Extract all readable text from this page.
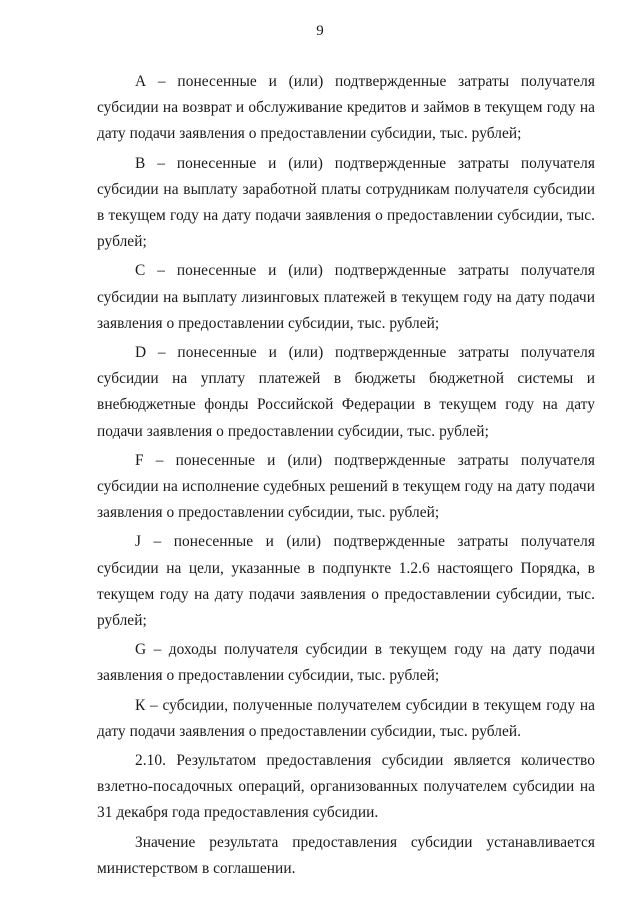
9

А – понесенные и (или) подтвержденные затраты получателя субсидии на возврат и обслуживание кредитов и займов в текущем году на дату подачи заявления о предоставлении субсидии, тыс. рублей;

В – понесенные и (или) подтвержденные затраты получателя субсидии на выплату заработной платы сотрудникам получателя субсидии в текущем году на дату подачи заявления о предоставлении субсидии, тыс. рублей;

С – понесенные и (или) подтвержденные затраты получателя субсидии на выплату лизинговых платежей в текущем году на дату подачи заявления о предоставлении субсидии, тыс. рублей;

D – понесенные и (или) подтвержденные затраты получателя субсидии на уплату платежей в бюджеты бюджетной системы и внебюджетные фонды Российской Федерации в текущем году на дату подачи заявления о предоставлении субсидии, тыс. рублей;

F – понесенные и (или) подтвержденные затраты получателя субсидии на исполнение судебных решений в текущем году на дату подачи заявления о предоставлении субсидии, тыс. рублей;

J – понесенные и (или) подтвержденные затраты получателя субсидии на цели, указанные в подпункте 1.2.6 настоящего Порядка, в текущем году на дату подачи заявления о предоставлении субсидии, тыс. рублей;

G – доходы получателя субсидии в текущем году на дату подачи заявления о предоставлении субсидии, тыс. рублей;

К – субсидии, полученные получателем субсидии в текущем году на дату подачи заявления о предоставлении субсидии, тыс. рублей.

2.10. Результатом предоставления субсидии является количество взлетно-посадочных операций, организованных получателем субсидии на 31 декабря года предоставления субсидии.

Значение результата предоставления субсидии устанавливается министерством в соглашении.
